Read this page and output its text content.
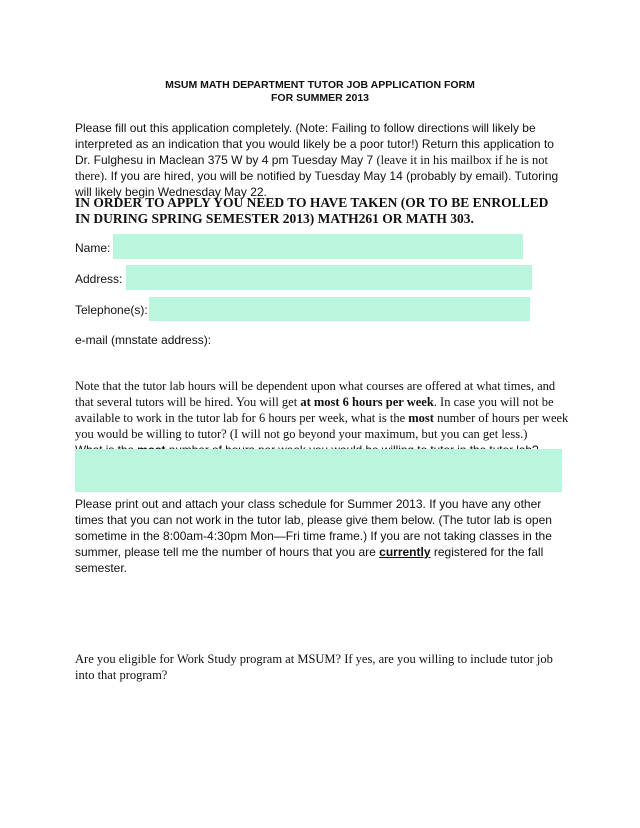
MSUM MATH DEPARTMENT TUTOR JOB APPLICATION FORM
FOR SUMMER 2013
Please fill out this application completely. (Note: Failing to follow directions will likely be interpreted as an indication that you would likely be a poor tutor!) Return this application to Dr. Fulghesu in Maclean 375 W by 4 pm Tuesday May 7 (leave it in his mailbox if he is not there). If you are hired, you will be notified by Tuesday May 14 (probably by email). Tutoring will likely begin Wednesday May 22.
IN ORDER TO APPLY YOU NEED TO HAVE TAKEN (OR TO BE ENROLLED IN DURING SPRING SEMESTER 2013) MATH261 OR MATH 303.
Name:
Address:
Telephone(s):
e-mail (mnstate address):
Note that the tutor lab hours will be dependent upon what courses are offered at what times, and that several tutors will be hired. You will get at most 6 hours per week. In case you will not be available to work in the tutor lab for 6 hours per week, what is the most number of hours per week you would be willing to tutor? (I will not go beyond your maximum, but you can get less.)

Please print out and attach your class schedule for Summer 2013. If you have any other times that you can not work in the tutor lab, please give them below. (The tutor lab is open sometime in the 8:00am-4:30pm Mon—Fri time frame.) If you are not taking classes in the summer, please tell me the number of hours that you are currently registered for the fall semester.
Are you eligible for Work Study program at MSUM? If yes, are you willing to include tutor job into that program?
